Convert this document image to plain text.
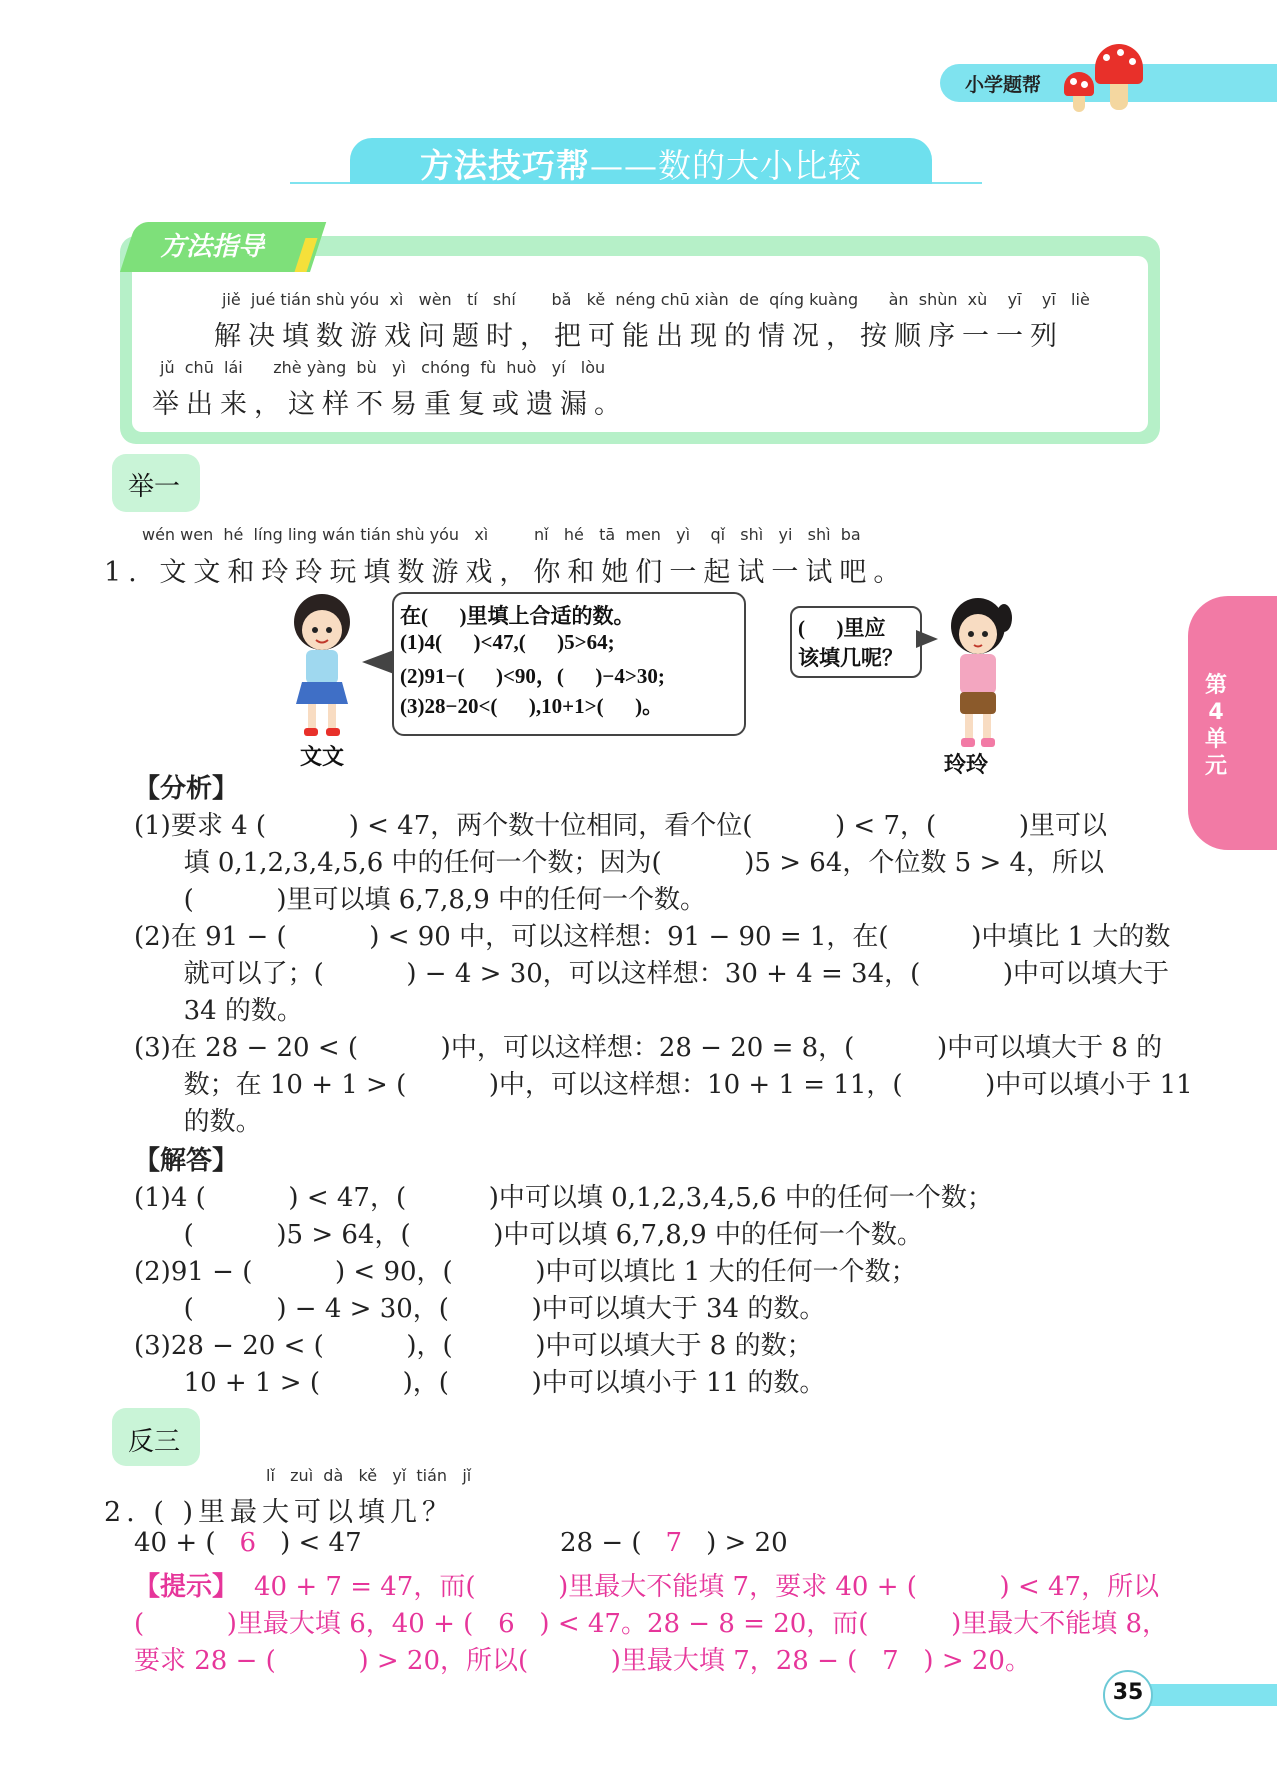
小学题帮
方法技巧帮——数的大小比较
方法指导
jiě  jué tián shù yóu  xì   wèn   tí   shí       bǎ   kě  néng chū xiàn  de  qíng kuàng      àn  shùn  xù    yī    yī   liè
解决填数游戏问题时，把可能出现的情况，按顺序一一列
jǔ  chū  lái      zhè yàng  bù   yì   chóng  fù  huò   yí   lòu
举出来，这样不易重复或遗漏。
举一
wén wen  hé  líng ling wán tián shù yóu   xì         nǐ   hé   tā  men   yì    qǐ   shì   yi   shì  ba
1. 文文和玲玲玩填数游戏，你和她们一起试一试吧。
文文
在(      )里填上合适的数。
(1)4(      )<47,(      )5>64;
(2)91−(      )<90，(      )−4>30;
(3)28−20<(      ),10+1>(      )。
(      )里应
该填几呢？
玲玲
【分析】
(1)要求 4 (          ) < 47，两个数十位相同，看个位(          ) < 7，(          )里可以
填 0,1,2,3,4,5,6 中的任何一个数；因为(          )5 > 64，个位数 5 > 4，所以
(          )里可以填 6,7,8,9 中的任何一个数。
(2)在 91 − (          ) < 90 中，可以这样想：91 − 90 = 1，在(          )中填比 1 大的数
就可以了；(          ) − 4 > 30，可以这样想：30 + 4 = 34，(          )中可以填大于
34 的数。
(3)在 28 − 20 < (          )中，可以这样想：28 − 20 = 8，(          )中可以填大于 8 的
数；在 10 + 1 > (          )中，可以这样想：10 + 1 = 11，(          )中可以填小于 11
的数。
【解答】
(1)4 (          ) < 47，(          )中可以填 0,1,2,3,4,5,6 中的任何一个数；
(          )5 > 64，(          )中可以填 6,7,8,9 中的任何一个数。
(2)91 − (          ) < 90，(          )中可以填比 1 大的任何一个数；
(          ) − 4 > 30，(          )中可以填大于 34 的数。
(3)28 − 20 < (          )，(          )中可以填大于 8 的数；
10 + 1 > (          )，(          )中可以填小于 11 的数。
反三
lǐ   zuì  dà   kě   yǐ  tián   jǐ
2. ( )里最大可以填几？
40 + ( 6 ) < 47	28 − ( 7 ) > 20
【提示】 40 + 7 = 47，而(          )里最大不能填 7，要求 40 + (          ) < 47，所以
(          )里最大填 6，40 + (   6   ) < 47。28 − 8 = 20，而(          )里最大不能填 8，
要求 28 − (          ) > 20，所以(          )里最大填 7，28 − (   7   ) > 20。
第
4
单
元
35
